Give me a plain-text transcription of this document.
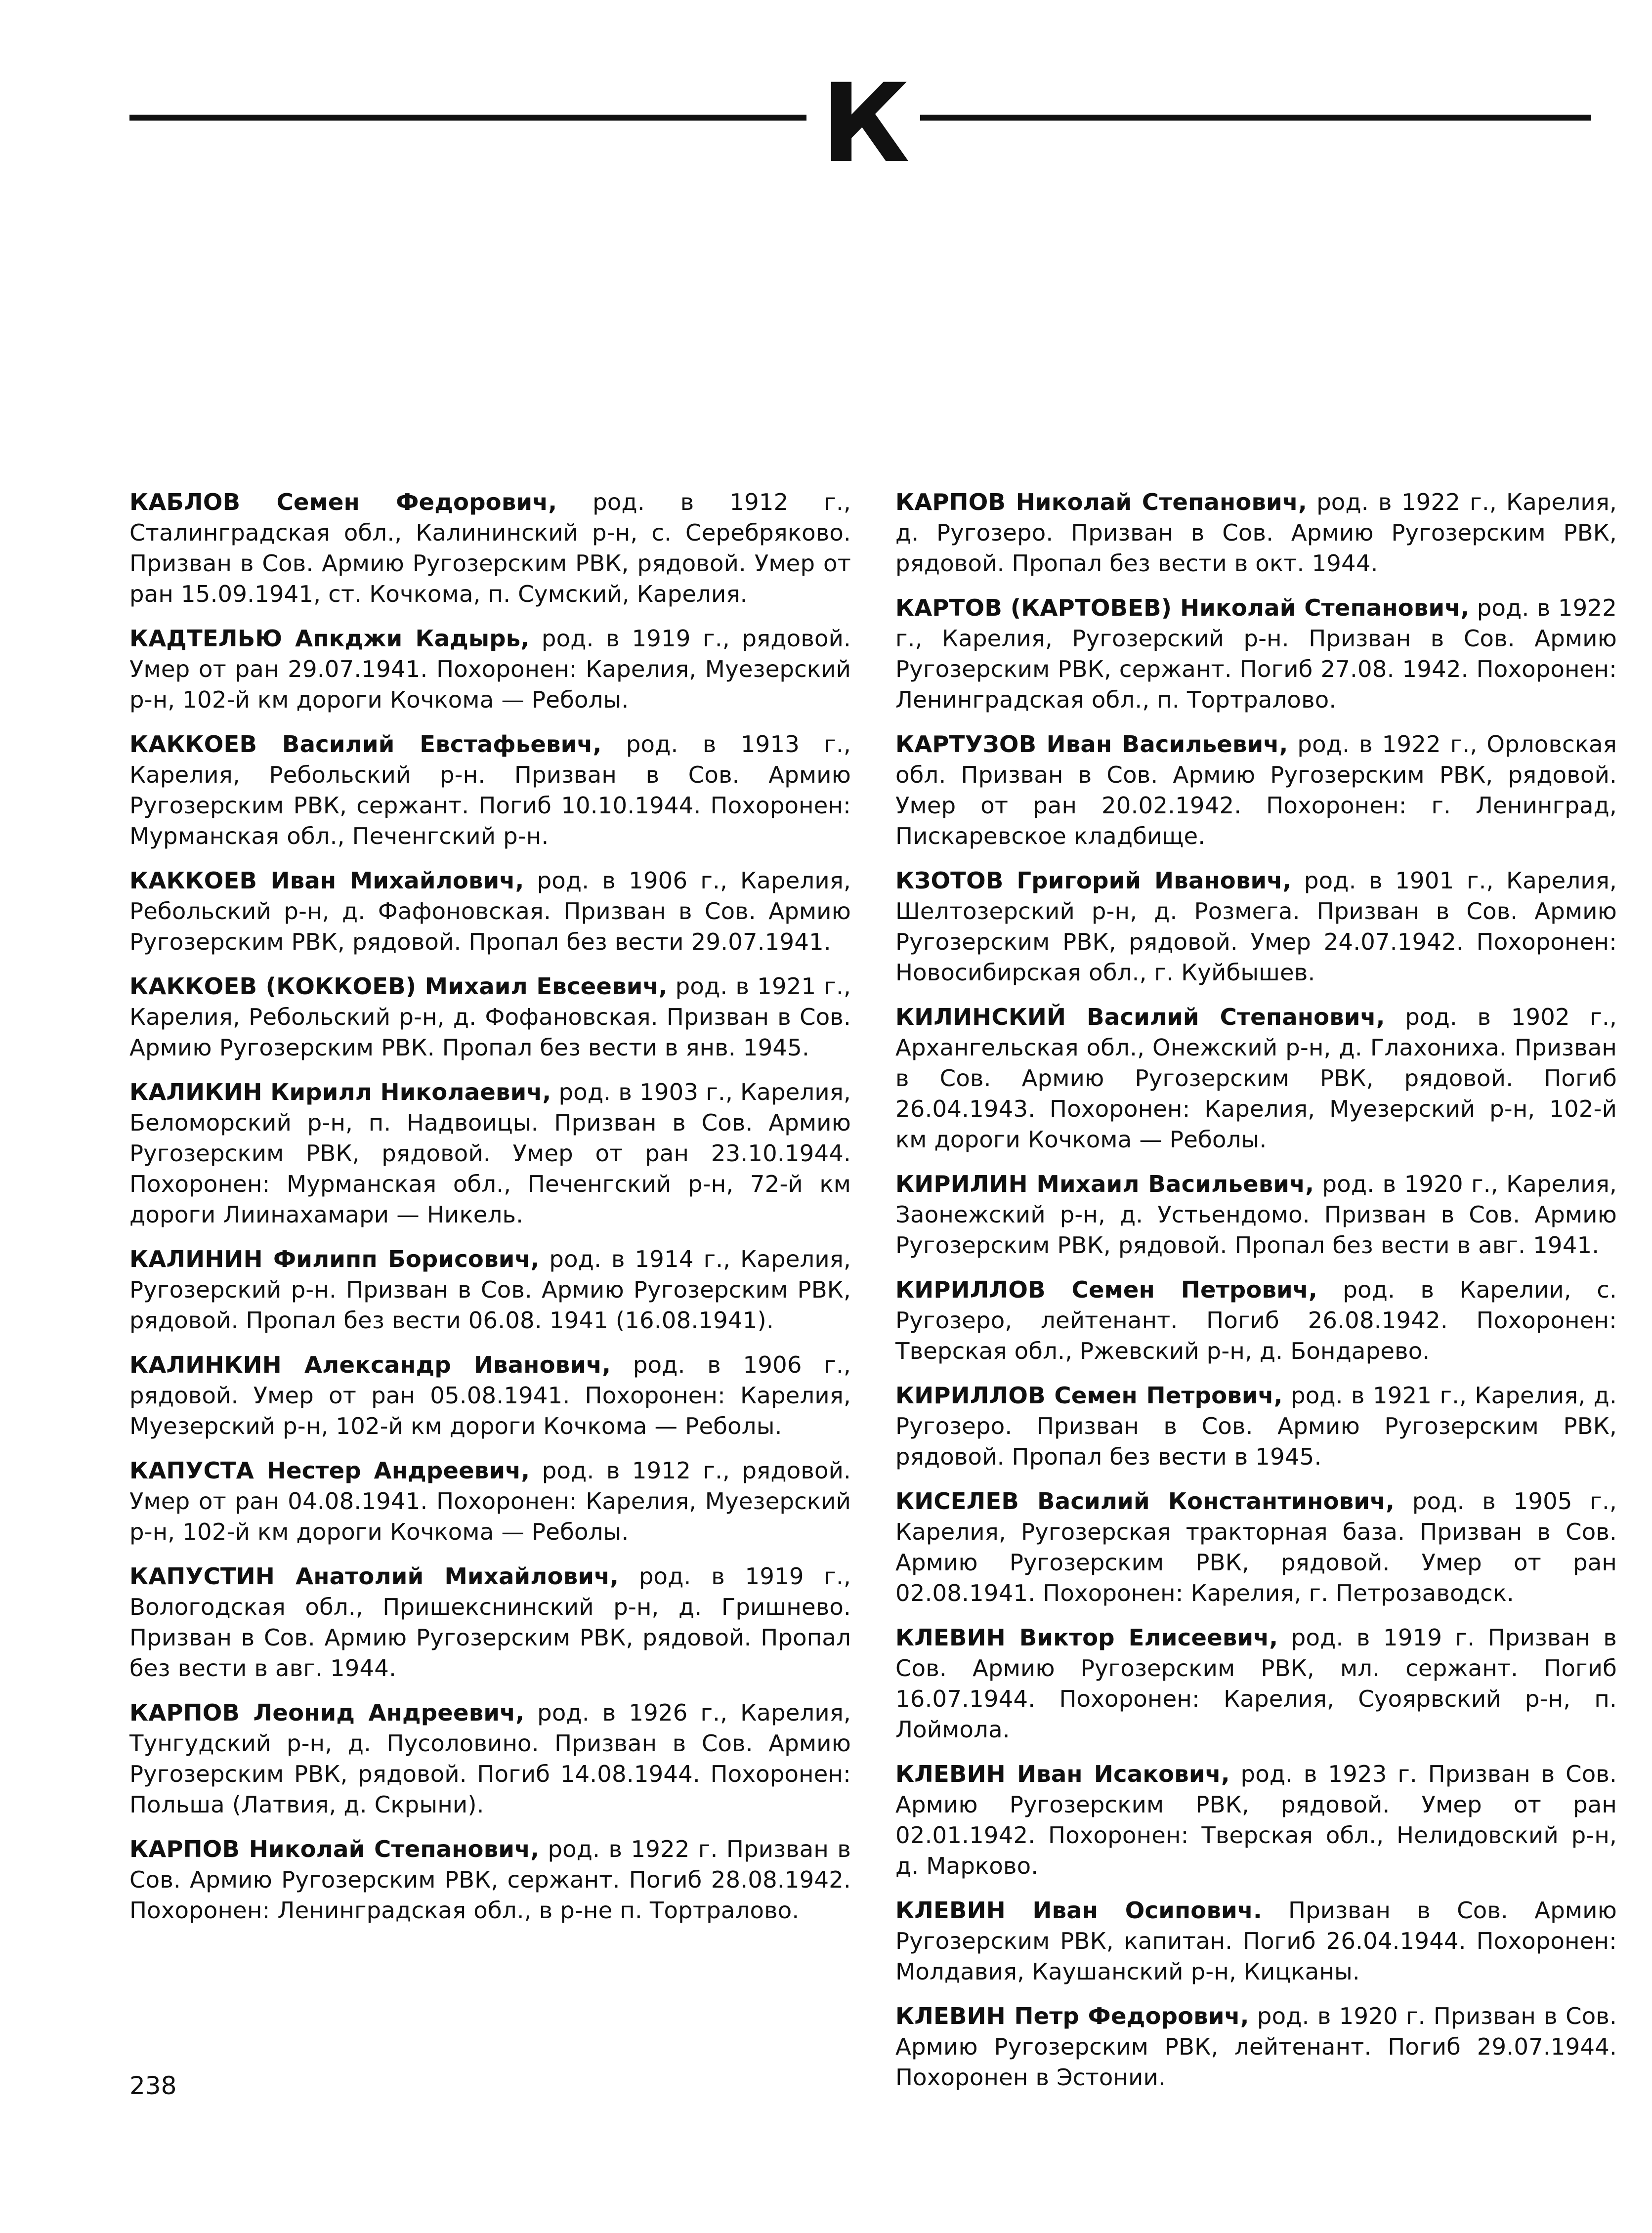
К

КАБЛОВ Семен Федорович, род. в 1912 г., Сталинградская обл., Калининский р-н, с. Серебряково. Призван в Сов. Армию Ругозерским РВК, рядовой. Умер от ран 15.09.1941, ст. Кочкома, п. Сумский, Карелия.

КАДТЕЛЬЮ Апкджи Кадырь, род. в 1919 г., рядовой. Умер от ран 29.07.1941. Похоронен: Карелия, Муезерский р-н, 102-й км дороги Кочкома — Реболы.

КАККОЕВ Василий Евстафьевич, род. в 1913 г., Карелия, Ребольский р-н. Призван в Сов. Армию Ругозерским РВК, сержант. Погиб 10.10.1944. Похоронен: Мурманская обл., Печенгский р-н.

КАККОЕВ Иван Михайлович, род. в 1906 г., Карелия, Ребольский р-н, д. Фафоновская. Призван в Сов. Армию Ругозерским РВК, рядовой. Пропал без вести 29.07.1941.

КАККОЕВ (КОККОЕВ) Михаил Евсеевич, род. в 1921 г., Карелия, Ребольский р-н, д. Фофановская. Призван в Сов. Армию Ругозерским РВК. Пропал без вести в янв. 1945.

КАЛИКИН Кирилл Николаевич, род. в 1903 г., Карелия, Беломорский р-н, п. Надвоицы. Призван в Сов. Армию Ругозерским РВК, рядовой. Умер от ран 23.10.1944. Похоронен: Мурманская обл., Печенгский р-н, 72-й км дороги Лиинахамари — Никель.

КАЛИНИН Филипп Борисович, род. в 1914 г., Карелия, Ругозерский р-н. Призван в Сов. Армию Ругозерским РВК, рядовой. Пропал без вести 06.08. 1941 (16.08.1941).

КАЛИНКИН Александр Иванович, род. в 1906 г., рядовой. Умер от ран 05.08.1941. Похоронен: Карелия, Муезерский р-н, 102-й км дороги Кочкома — Реболы.

КАПУСТА Нестер Андреевич, род. в 1912 г., рядовой. Умер от ран 04.08.1941. Похоронен: Карелия, Муезерский р-н, 102-й км дороги Кочкома — Реболы.

КАПУСТИН Анатолий Михайлович, род. в 1919 г., Вологодская обл., Пришекснинский р-н, д. Гришнево. Призван в Сов. Армию Ругозерским РВК, рядовой. Пропал без вести в авг. 1944.

КАРПОВ Леонид Андреевич, род. в 1926 г., Карелия, Тунгудский р-н, д. Пусоловино. Призван в Сов. Армию Ругозерским РВК, рядовой. Погиб 14.08.1944. Похоронен: Польша (Латвия, д. Скрыни).

КАРПОВ Николай Степанович, род. в 1922 г. Призван в Сов. Армию Ругозерским РВК, сержант. Погиб 28.08.1942. Похоронен: Ленинградская обл., в р-не п. Тортралово.

КАРПОВ Николай Степанович, род. в 1922 г., Карелия, д. Ругозеро. Призван в Сов. Армию Ругозерским РВК, рядовой. Пропал без вести в окт. 1944.

КАРТОВ (КАРТОВЕВ) Николай Степанович, род. в 1922 г., Карелия, Ругозерский р-н. Призван в Сов. Армию Ругозерским РВК, сержант. Погиб 27.08. 1942. Похоронен: Ленинградская обл., п. Тортралово.

КАРТУЗОВ Иван Васильевич, род. в 1922 г., Орловская обл. Призван в Сов. Армию Ругозерским РВК, рядовой. Умер от ран 20.02.1942. Похоронен: г. Ленинград, Пискаревское кладбище.

КЗОТОВ Григорий Иванович, род. в 1901 г., Карелия, Шелтозерский р-н, д. Розмега. Призван в Сов. Армию Ругозерским РВК, рядовой. Умер 24.07.1942. Похоронен: Новосибирская обл., г. Куйбышев.

КИЛИНСКИЙ Василий Степанович, род. в 1902 г., Архангельская обл., Онежский р-н, д. Глахониха. Призван в Сов. Армию Ругозерским РВК, рядовой. Погиб 26.04.1943. Похоронен: Карелия, Муезерский р-н, 102-й км дороги Кочкома — Реболы.

КИРИЛИН Михаил Васильевич, род. в 1920 г., Карелия, Заонежский р-н, д. Устьендомо. Призван в Сов. Армию Ругозерским РВК, рядовой. Пропал без вести в авг. 1941.

КИРИЛЛОВ Семен Петрович, род. в Карелии, с. Ругозеро, лейтенант. Погиб 26.08.1942. Похоронен: Тверская обл., Ржевский р-н, д. Бондарево.

КИРИЛЛОВ Семен Петрович, род. в 1921 г., Карелия, д. Ругозеро. Призван в Сов. Армию Ругозерским РВК, рядовой. Пропал без вести в 1945.

КИСЕЛЕВ Василий Константинович, род. в 1905 г., Карелия, Ругозерская тракторная база. Призван в Сов. Армию Ругозерским РВК, рядовой. Умер от ран 02.08.1941. Похоронен: Карелия, г. Петрозаводск.

КЛЕВИН Виктор Елисеевич, род. в 1919 г. Призван в Сов. Армию Ругозерским РВК, мл. сержант. Погиб 16.07.1944. Похоронен: Карелия, Суоярвский р-н, п. Лоймола.

КЛЕВИН Иван Исакович, род. в 1923 г. Призван в Сов. Армию Ругозерским РВК, рядовой. Умер от ран 02.01.1942. Похоронен: Тверская обл., Нелидовский р-н, д. Марково.

КЛЕВИН Иван Осипович. Призван в Сов. Армию Ругозерским РВК, капитан. Погиб 26.04.1944. Похоронен: Молдавия, Каушанский р-н, Кицканы.

КЛЕВИН Петр Федорович, род. в 1920 г. Призван в Сов. Армию Ругозерским РВК, лейтенант. Погиб 29.07.1944. Похоронен в Эстонии.

238
